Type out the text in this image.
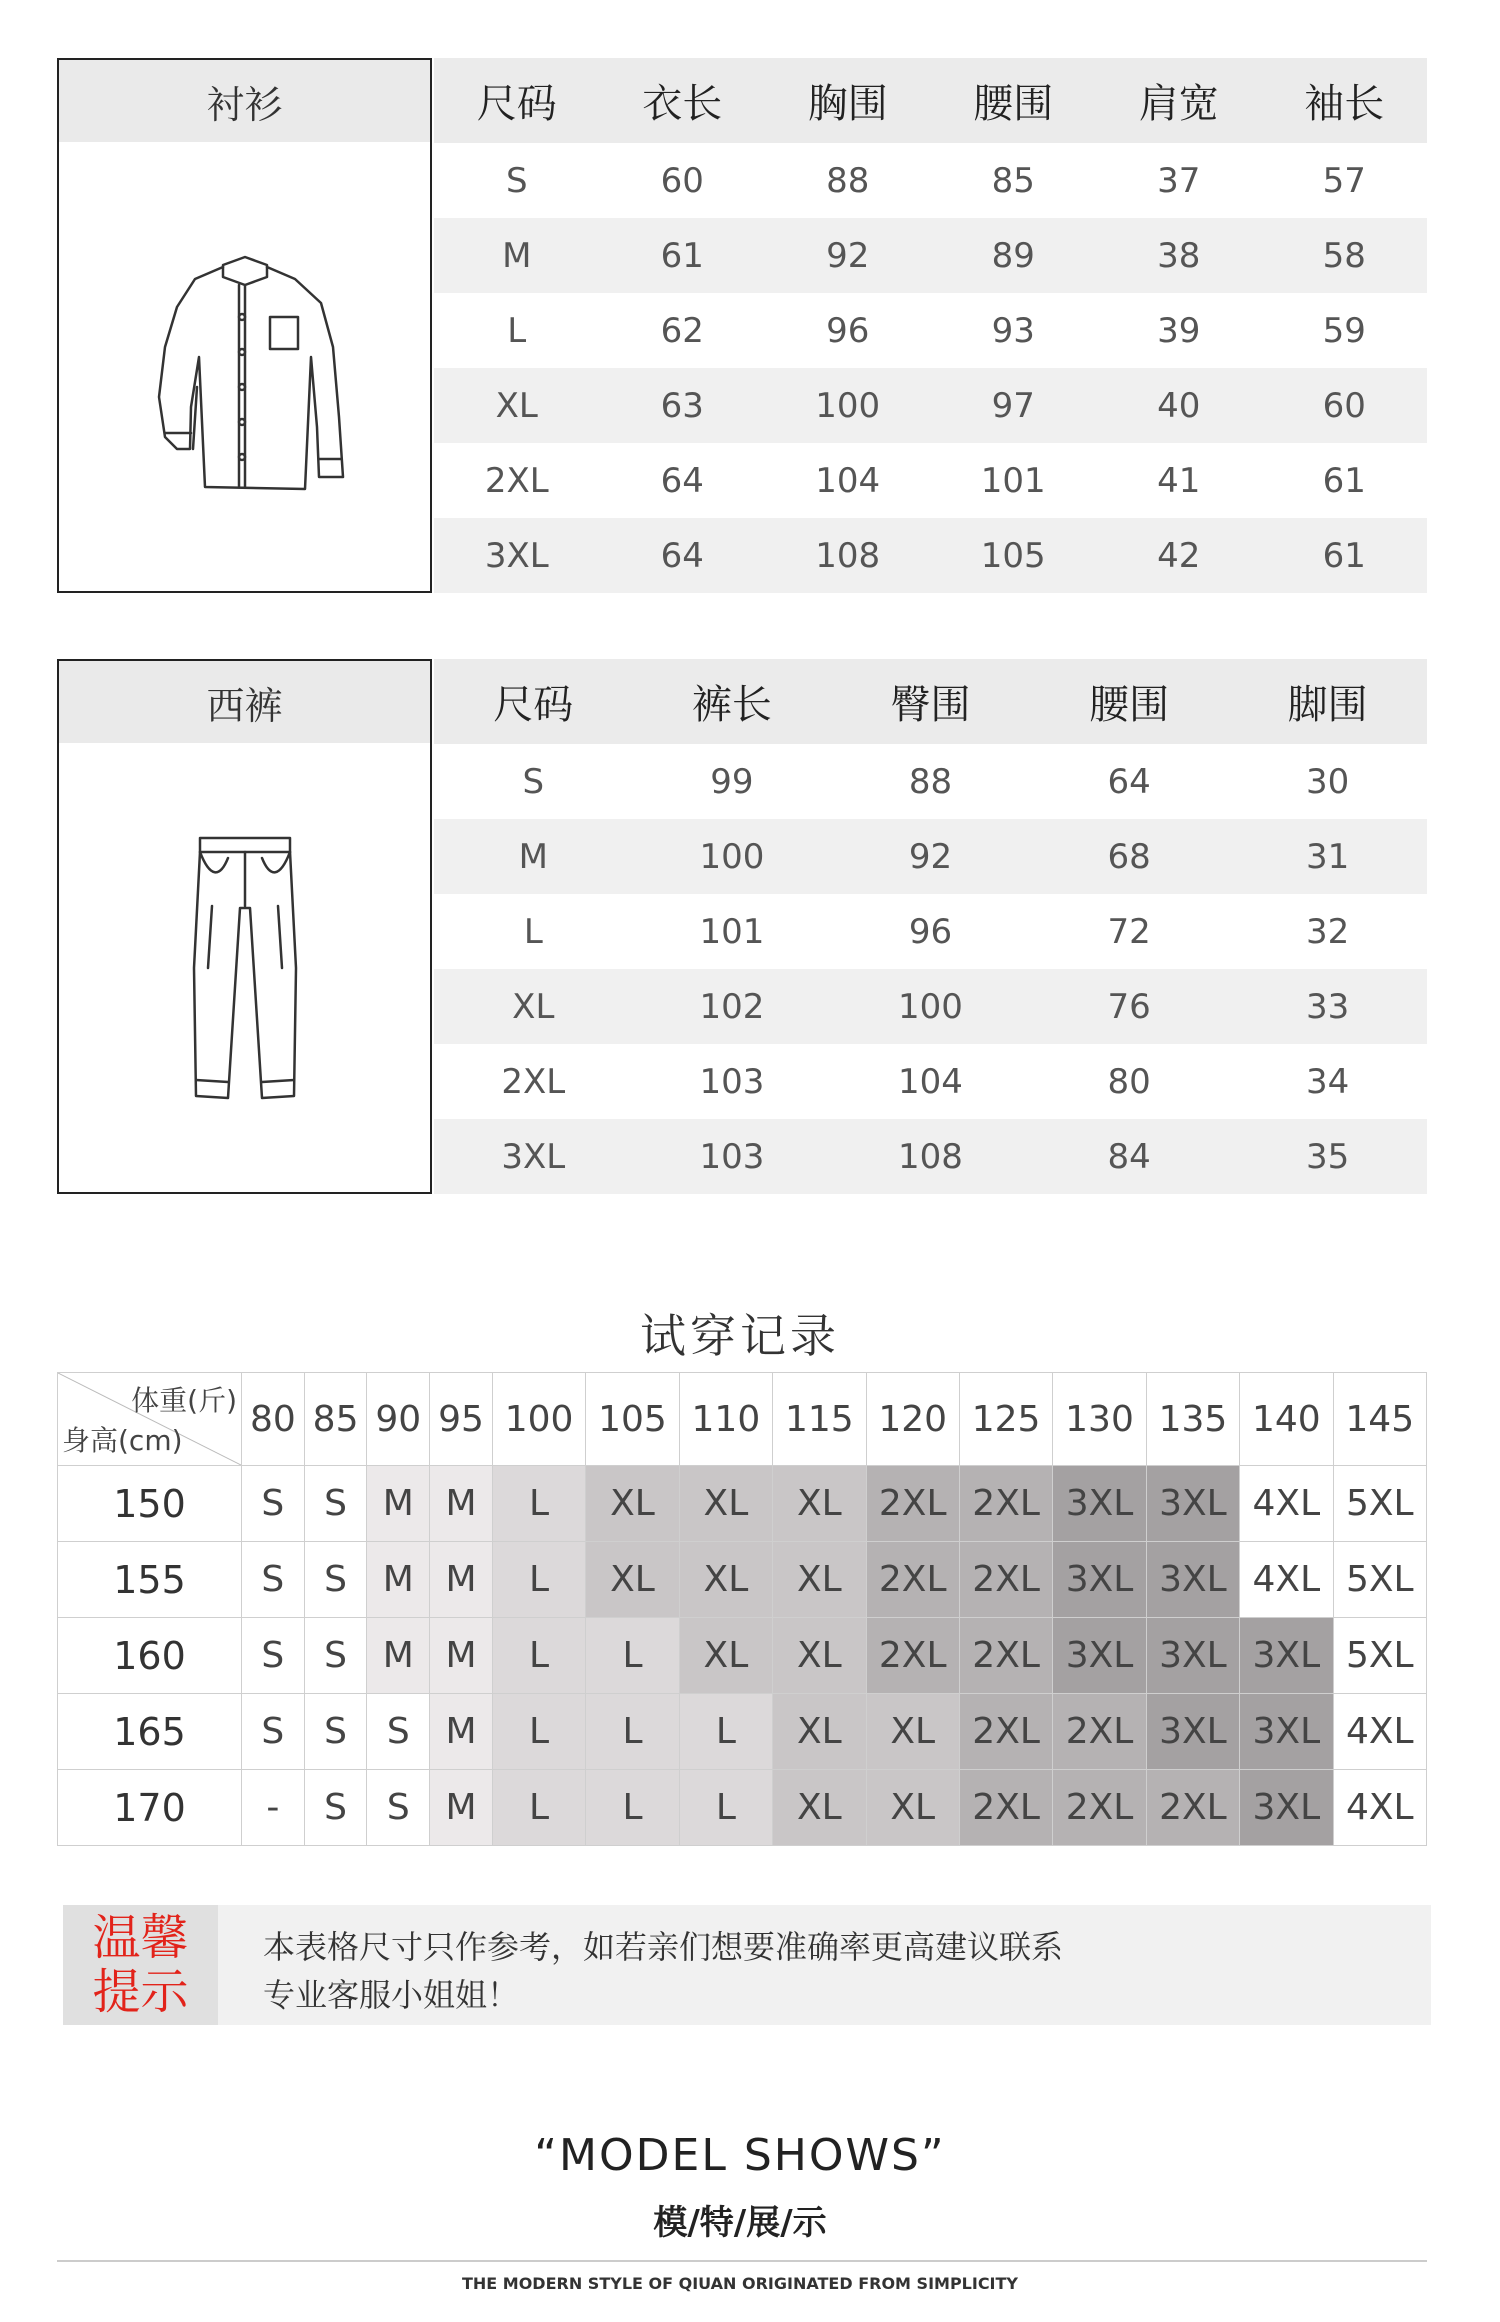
衬衫	尺码	衣长	胸围	腰围	肩宽	袖长
S	60	88	85	37	57
M	61	92	89	38	58
L	62	96	93	39	59
XL	63	100	97	40	60
2XL	64	104	101	41	61
3XL	64	108	105	42	61
西裤	尺码	裤长	臀围	腰围	脚围
S	99	88	64	30
M	100	92	68	31
L	101	96	72	32
XL	102	100	76	33
2XL	103	104	80	34
3XL	103	108	84	35
试穿记录
体重(斤)
身高(cm)	80	85	90	95	100	105	110	115	120	125	130	135	140	145
150	S	S	M	M	L	XL	XL	XL	2XL	2XL	3XL	3XL	4XL	5XL
155	S	S	M	M	L	XL	XL	XL	2XL	2XL	3XL	3XL	4XL	5XL
160	S	S	M	M	L	L	XL	XL	2XL	2XL	3XL	3XL	3XL	5XL
165	S	S	S	M	L	L	L	XL	XL	2XL	2XL	3XL	3XL	4XL
170	-	S	S	M	L	L	L	XL	XL	2XL	2XL	2XL	3XL	4XL
温馨
提示
本表格尺寸只作参考，如若亲们想要准确率更高建议联系
专业客服小姐姐！
“MODEL SHOWS”
模/特/展/示
THE MODERN STYLE OF QIUAN ORIGINATED FROM SIMPLICITY
